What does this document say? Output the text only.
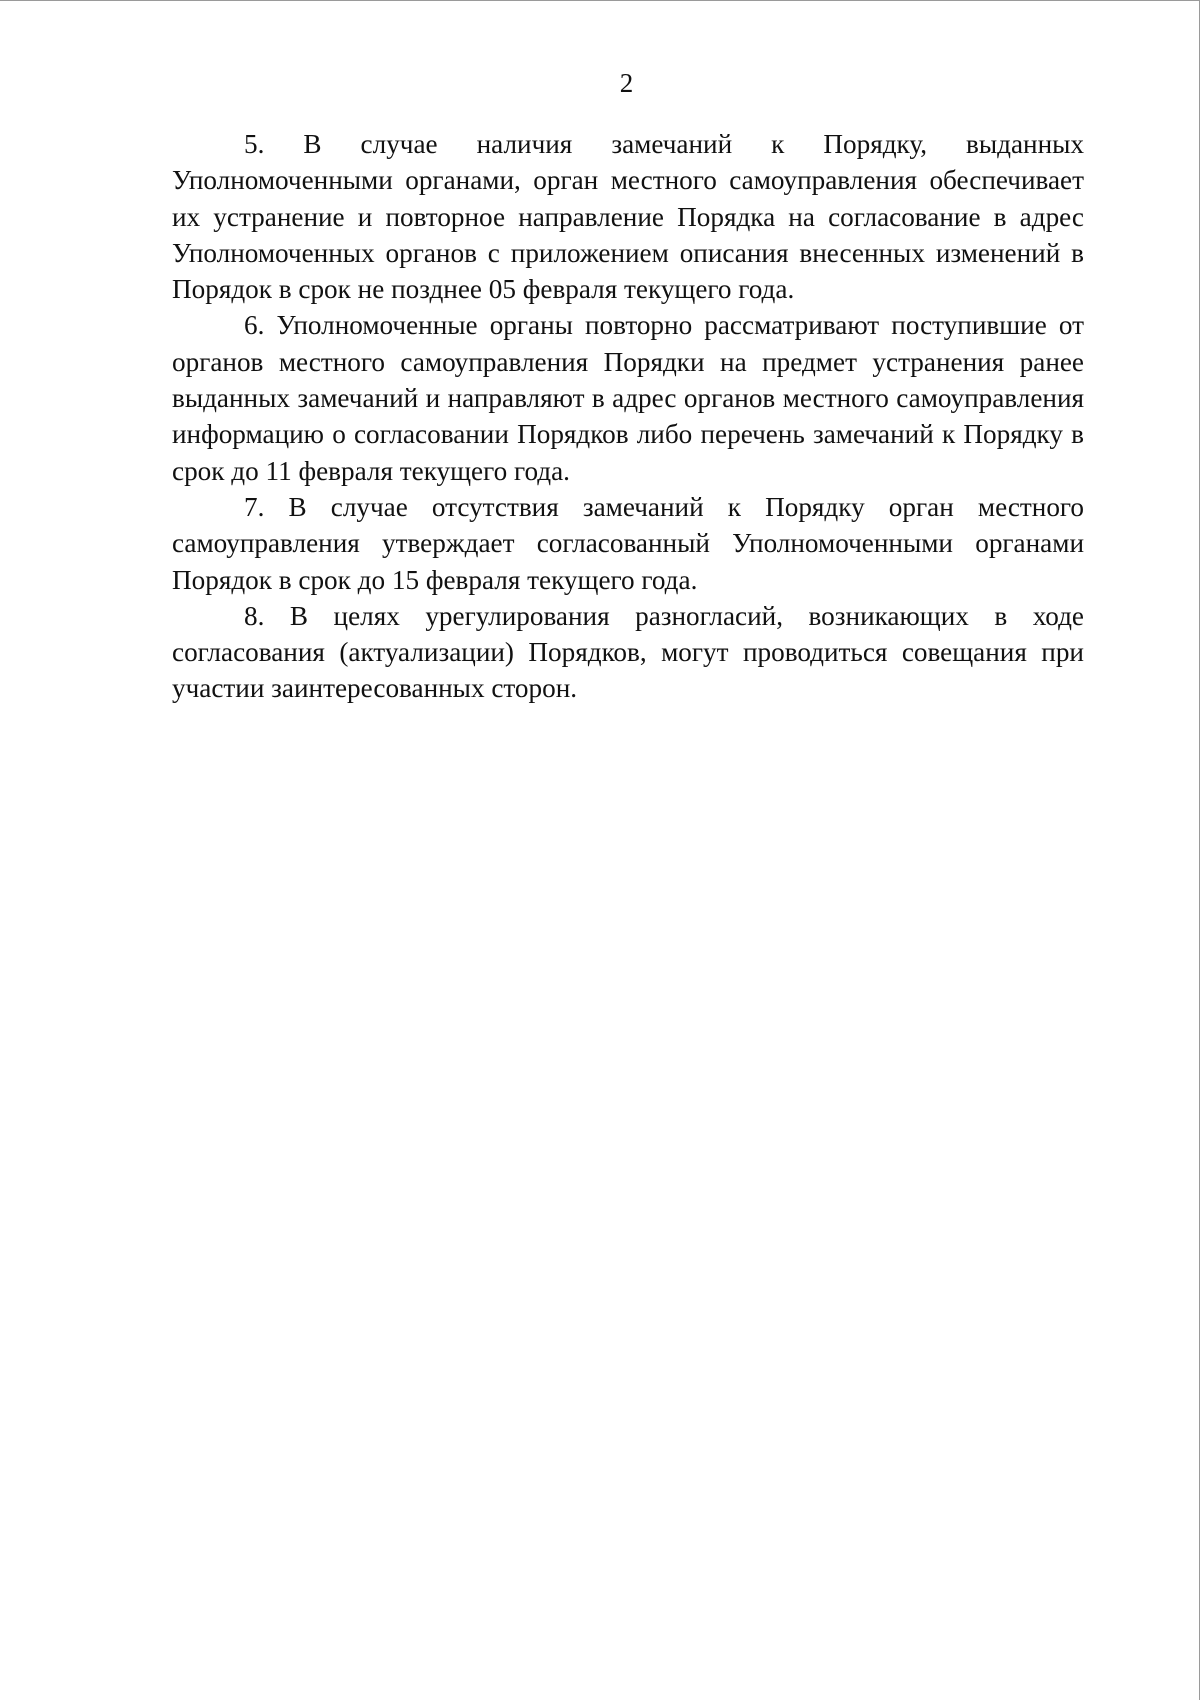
2

5. В случае наличия замечаний к Порядку, выданных Уполномоченными органами, орган местного самоуправления обеспечивает их устранение и повторное направление Порядка на согласование в адрес Уполномоченных органов с приложением описания внесенных изменений в Порядок в срок не позднее 05 февраля текущего года.

6. Уполномоченные органы повторно рассматривают поступившие от органов местного самоуправления Порядки на предмет устранения ранее выданных замечаний и направляют в адрес органов местного самоуправления информацию о согласовании Порядков либо перечень замечаний к Порядку в срок до 11 февраля текущего года.

7. В случае отсутствия замечаний к Порядку орган местного самоуправления утверждает согласованный Уполномоченными органами Порядок в срок до 15 февраля текущего года.

8. В целях урегулирования разногласий, возникающих в ходе согласования (актуализации) Порядков, могут проводиться совещания при участии заинтересованных сторон.
